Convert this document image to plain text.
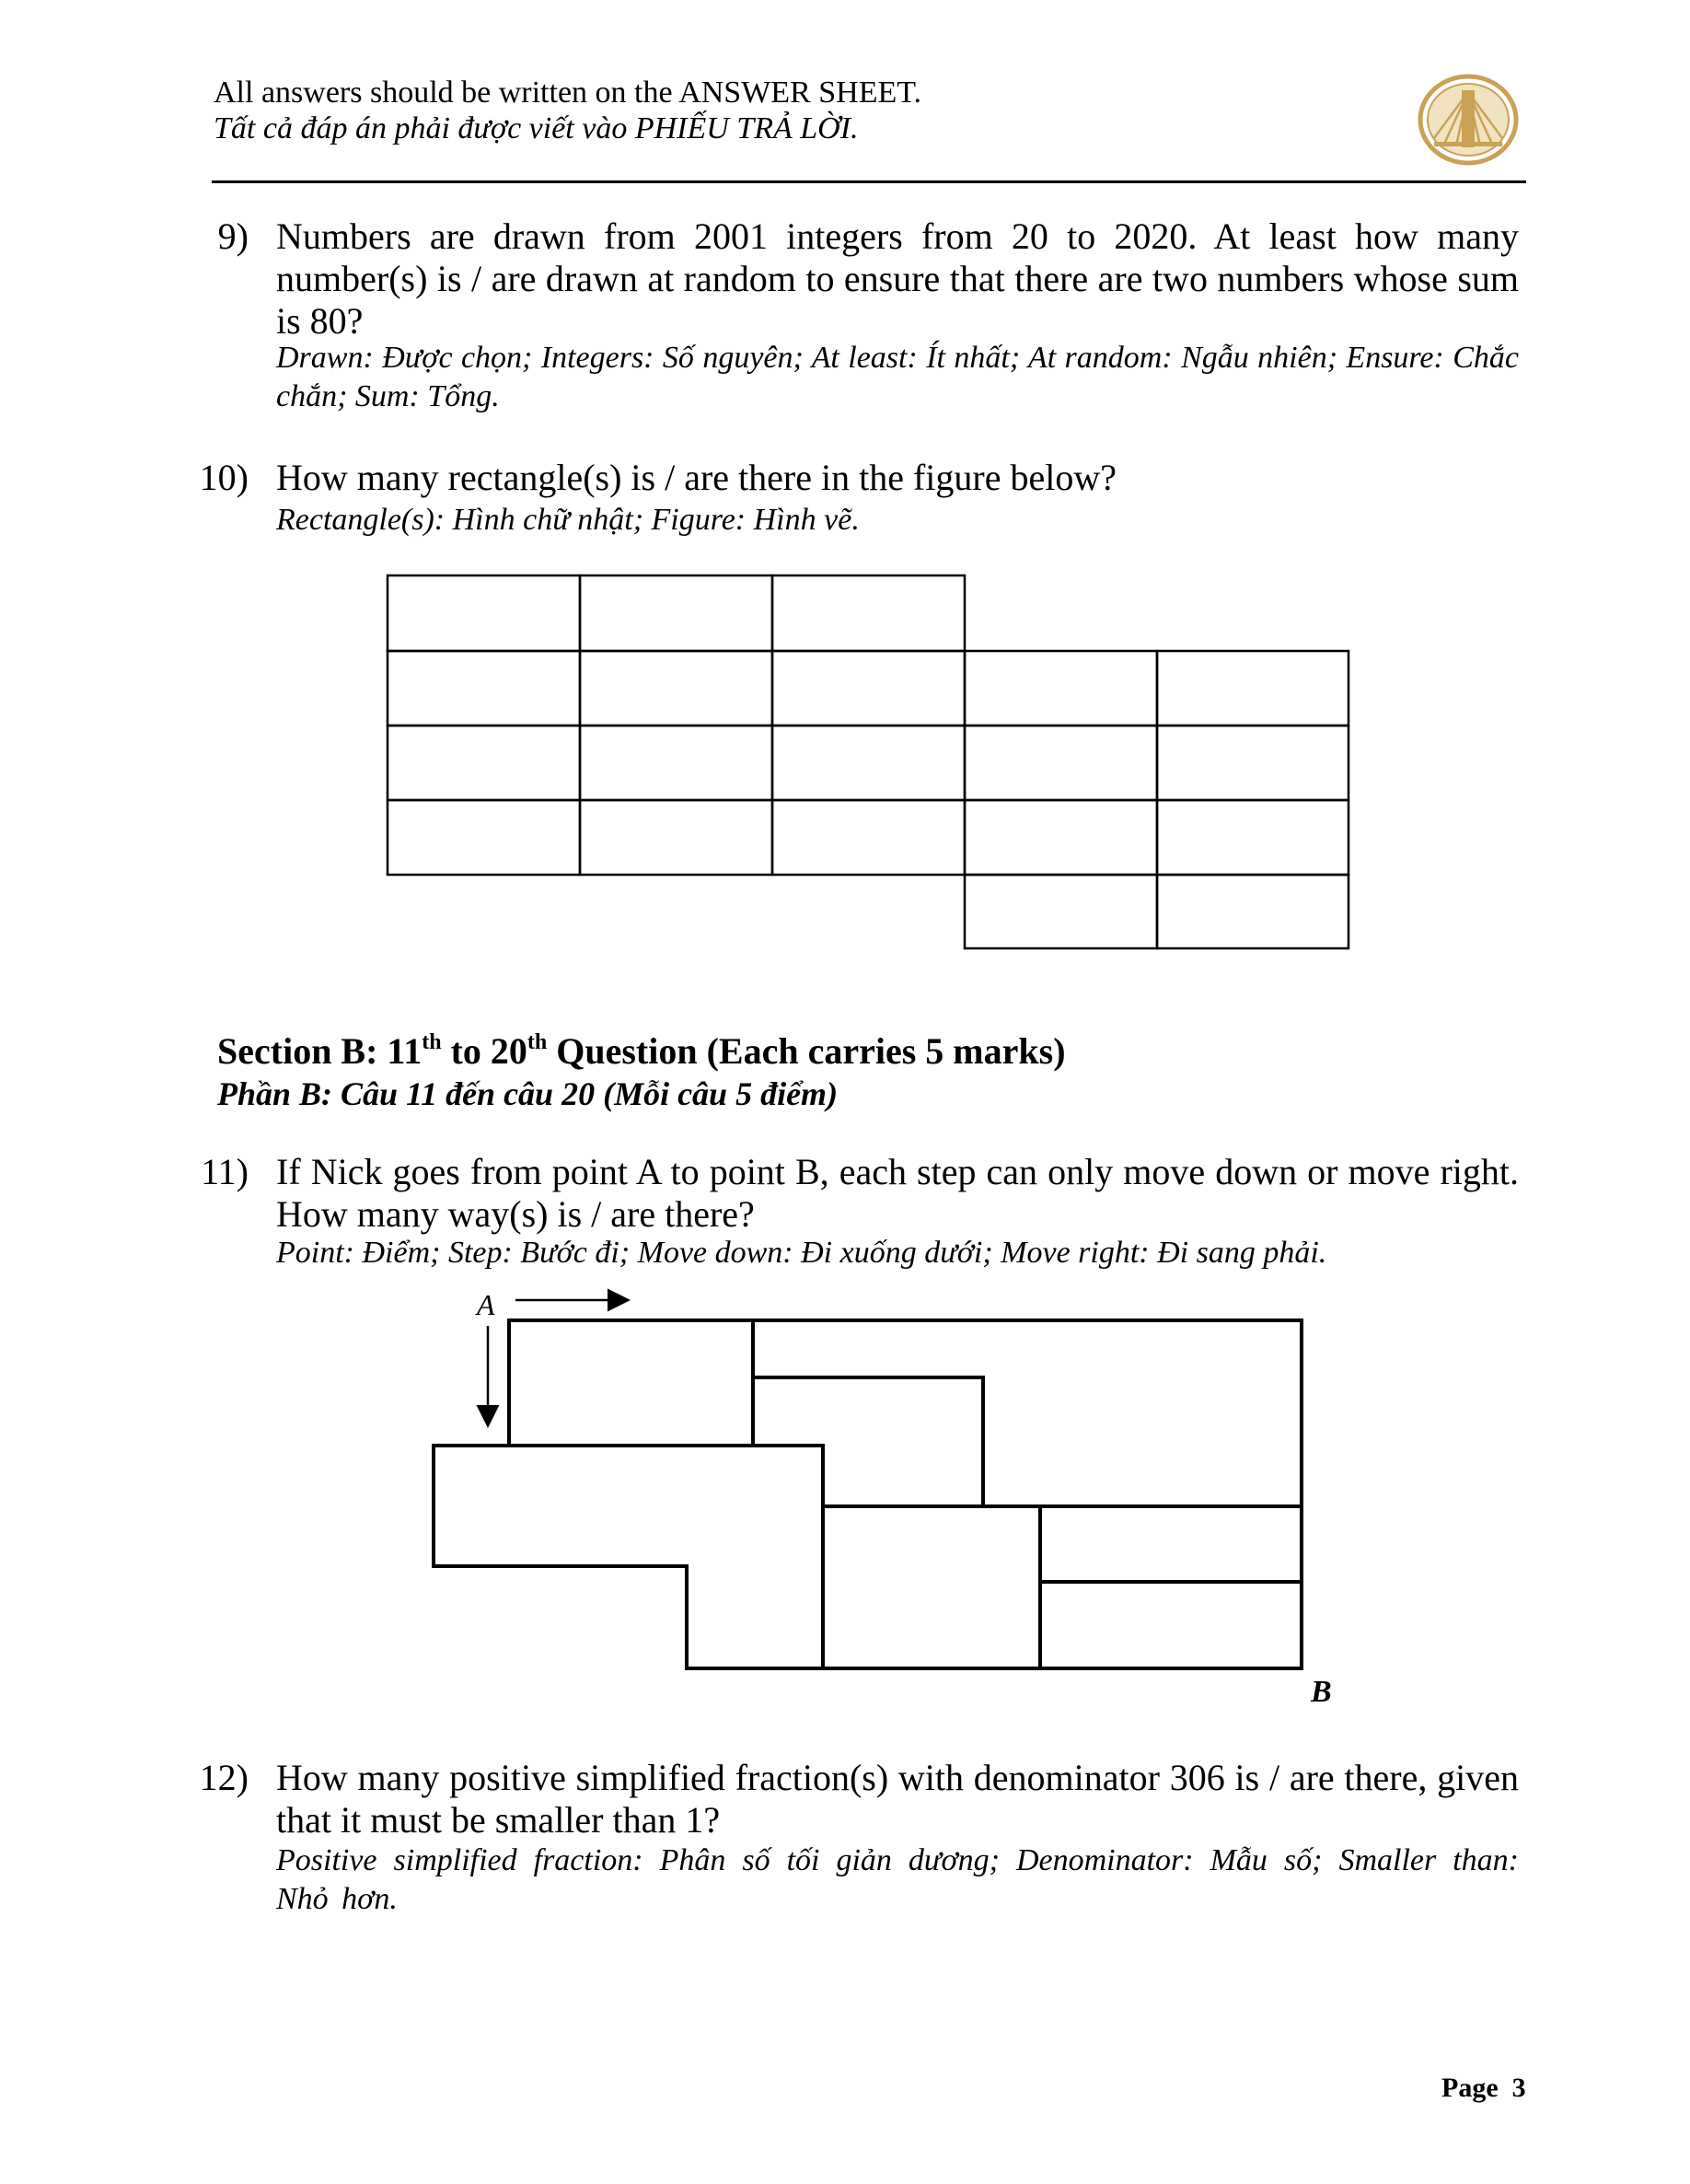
All answers should be written on the ANSWER SHEET.
Tất cả đáp án phải được viết vào PHIẾU TRẢ LỜI.
9) Numbers are drawn from 2001 integers from 20 to 2020. At least how many number(s) is / are drawn at random to ensure that there are two numbers whose sum is 80?
Drawn: Được chọn; Integers: Số nguyên; At least: Ít nhất; At random: Ngẫu nhiên; Ensure: Chắc chắn; Sum: Tổng.
10) How many rectangle(s) is / are there in the figure below?
Rectangle(s): Hình chữ nhật; Figure: Hình vẽ.
Section B: 11th to 20th Question (Each carries 5 marks)
Phần B: Câu 11 đến câu 20 (Mỗi câu 5 điểm)
11) If Nick goes from point A to point B, each step can only move down or move right. How many way(s) is / are there?
Point: Điểm; Step: Bước đi; Move down: Đi xuống dưới; Move right: Đi sang phải.
A
B
12) How many positive simplified fraction(s) with denominator 306 is / are there, given that it must be smaller than 1?
Positive simplified fraction: Phân số tối giản dương; Denominator: Mẫu số; Smaller than: Nhỏ hơn.
Page 3
